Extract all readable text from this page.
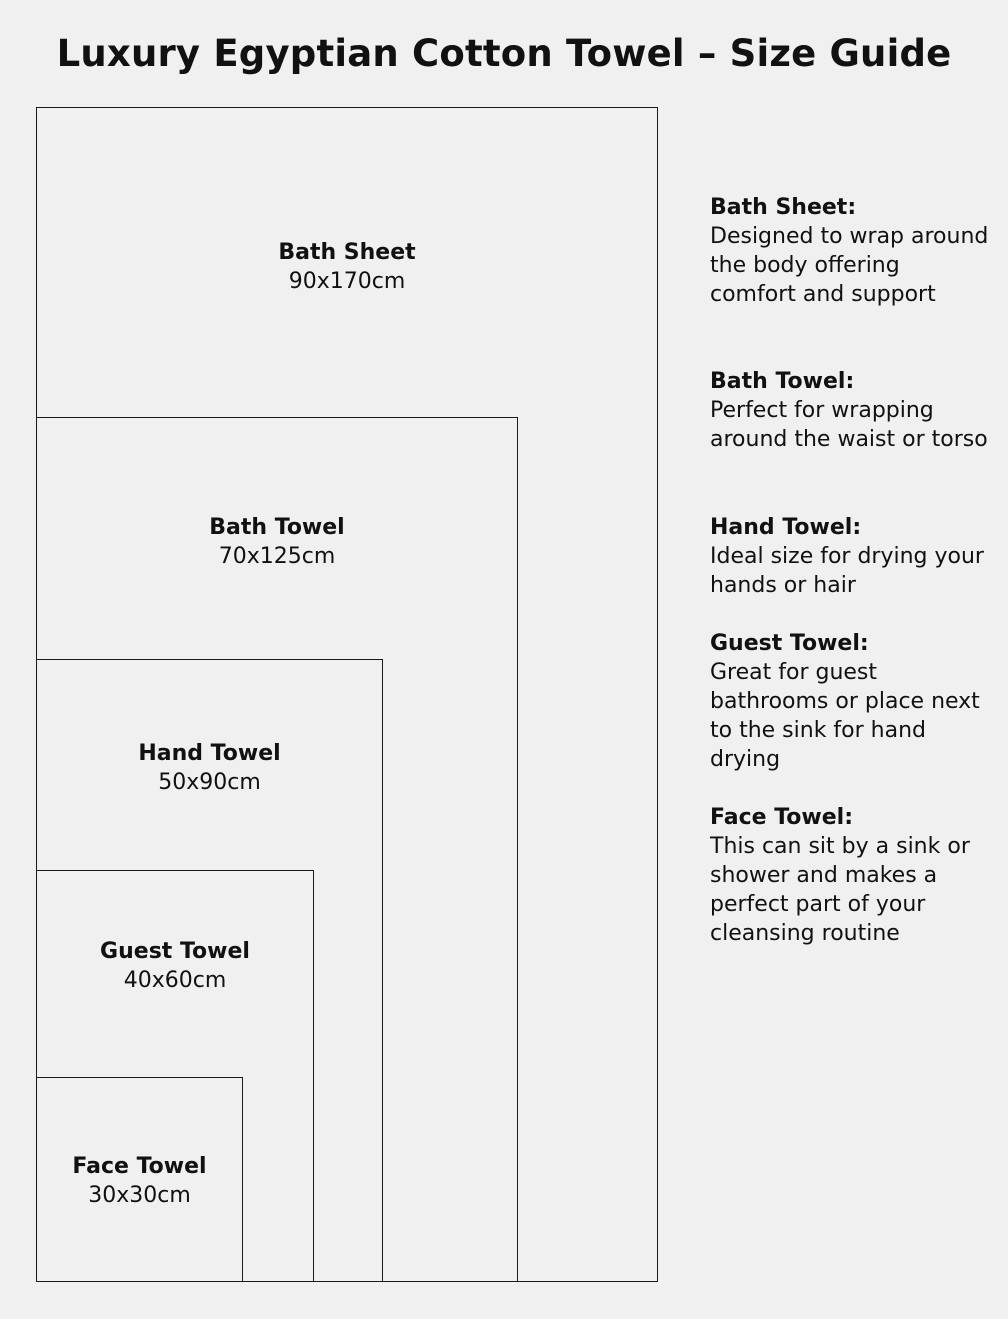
Luxury Egyptian Cotton Towel – Size Guide
Bath Sheet
90x170cm
Bath Towel
70x125cm
Hand Towel
50x90cm
Guest Towel
40x60cm
Face Towel
30x30cm
Bath Sheet:
Designed to wrap around the body offering comfort and support
Bath Towel:
Perfect for wrapping around the waist or torso
Hand Towel:
Ideal size for drying your hands or hair
Guest Towel:
Great for guest bathrooms or place next to the sink for hand drying
Face Towel:
This can sit by a sink or shower and makes a perfect part of your cleansing routine
